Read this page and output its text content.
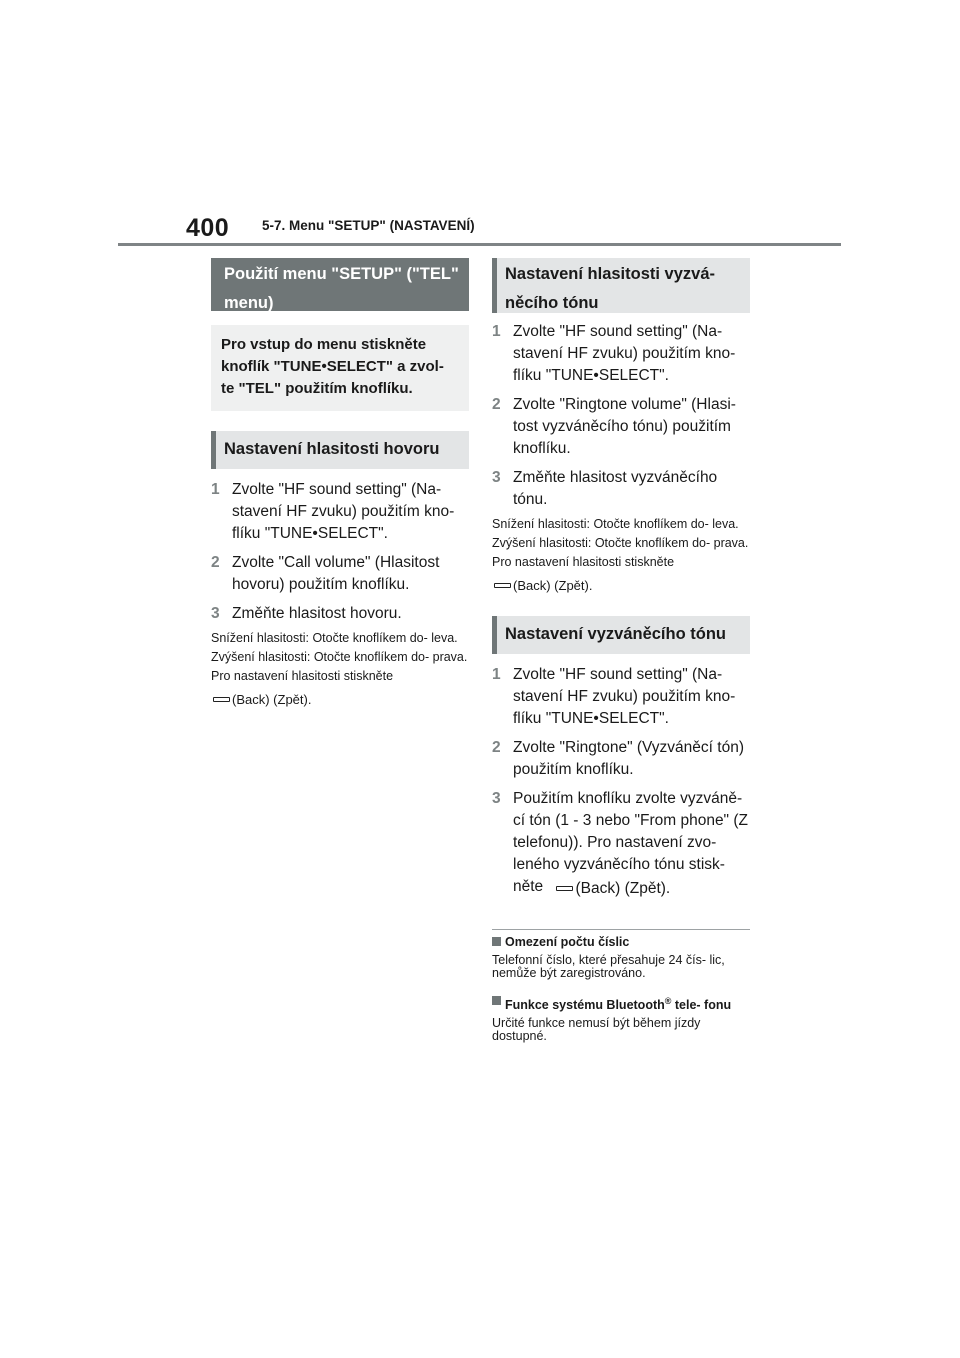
400 5-7. Menu "SETUP" (NASTAVENÍ)
Použití menu "SETUP" ("TEL" menu)
Pro vstup do menu stiskněte knoflík "TUNE•SELECT" a zvol- te "TEL" použitím knoflíku.
Nastavení hlasitosti hovoru
1 Zvolte "HF sound setting" (Na- stavení HF zvuku) použitím kno- flíku "TUNE•SELECT".
2 Zvolte "Call volume" (Hlasitost hovoru) použitím knoflíku.
3 Změňte hlasitost hovoru.
Snížení hlasitosti: Otočte knoflíkem do- leva.
Zvýšení hlasitosti: Otočte knoflíkem do- prava.
Pro nastavení hlasitosti stiskněte
(Back) (Zpět).
Nastavení hlasitosti vyzvá- něcího tónu
1 Zvolte "HF sound setting" (Na- stavení HF zvuku) použitím kno- flíku "TUNE•SELECT".
2 Zvolte "Ringtone volume" (Hlasi- tost vyzváněcího tónu) použitím knoflíku.
3 Změňte hlasitost vyzváněcího tónu.
Snížení hlasitosti: Otočte knoflíkem do- leva.
Zvýšení hlasitosti: Otočte knoflíkem do- prava.
Pro nastavení hlasitosti stiskněte
(Back) (Zpět).
Nastavení vyzváněcího tónu
1 Zvolte "HF sound setting" (Na- stavení HF zvuku) použitím kno- flíku "TUNE•SELECT".
2 Zvolte "Ringtone" (Vyzváněcí tón) použitím knoflíku.
3 Použitím knoflíku zvolte vyzváně- cí tón (1 - 3 nebo "From phone" (Z telefonu)). Pro nastavení zvo- leného vyzváněcího tónu stisk- něte (Back) (Zpět).
Omezení počtu číslic
Telefonní číslo, které přesahuje 24 čís- lic, nemůže být zaregistrováno.
Funkce systému Bluetooth® tele- fonu
Určité funkce nemusí být během jízdy dostupné.
